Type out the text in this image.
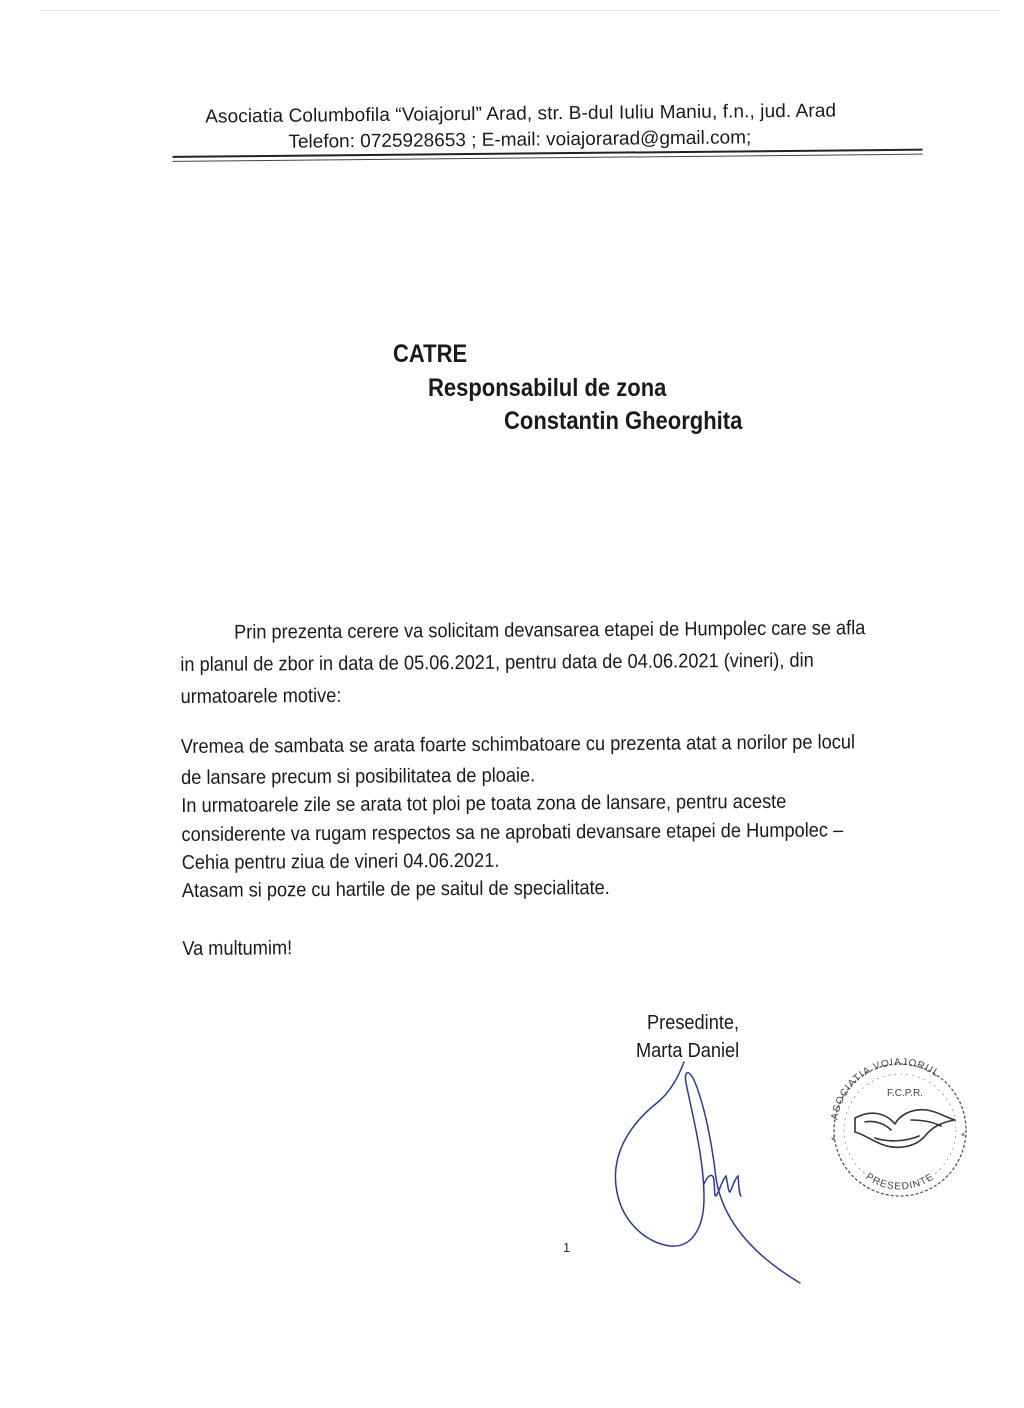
Asociatia Columbofila “Voiajorul” Arad, str. B-dul Iuliu Maniu, f.n., jud. Arad
Telefon: 0725928653 ; E-mail: voiajorarad@gmail.com;
CATRE
Responsabilul de zona
Constantin Gheorghita
Prin prezenta cerere va solicitam devansarea etapei de Humpolec care se afla
in planul de zbor in data de 05.06.2021, pentru data de 04.06.2021 (vineri), din
urmatoarele motive:
Vremea de sambata se arata foarte schimbatoare cu prezenta atat a norilor pe locul
de lansare precum si posibilitatea de ploaie.
In urmatoarele zile se arata tot ploi pe toata zona de lansare, pentru aceste
considerente va rugam respectos sa ne aprobati devansare etapei de Humpolec –
Cehia pentru ziua de vineri 04.06.2021.
Atasam si poze cu hartile de pe saitul de specialitate.
Va multumim!
Presedinte,
Marta Daniel
ASOCIATIA VOIAJORUL
F.C.P.R.
*	*
PRESEDINTE
1
